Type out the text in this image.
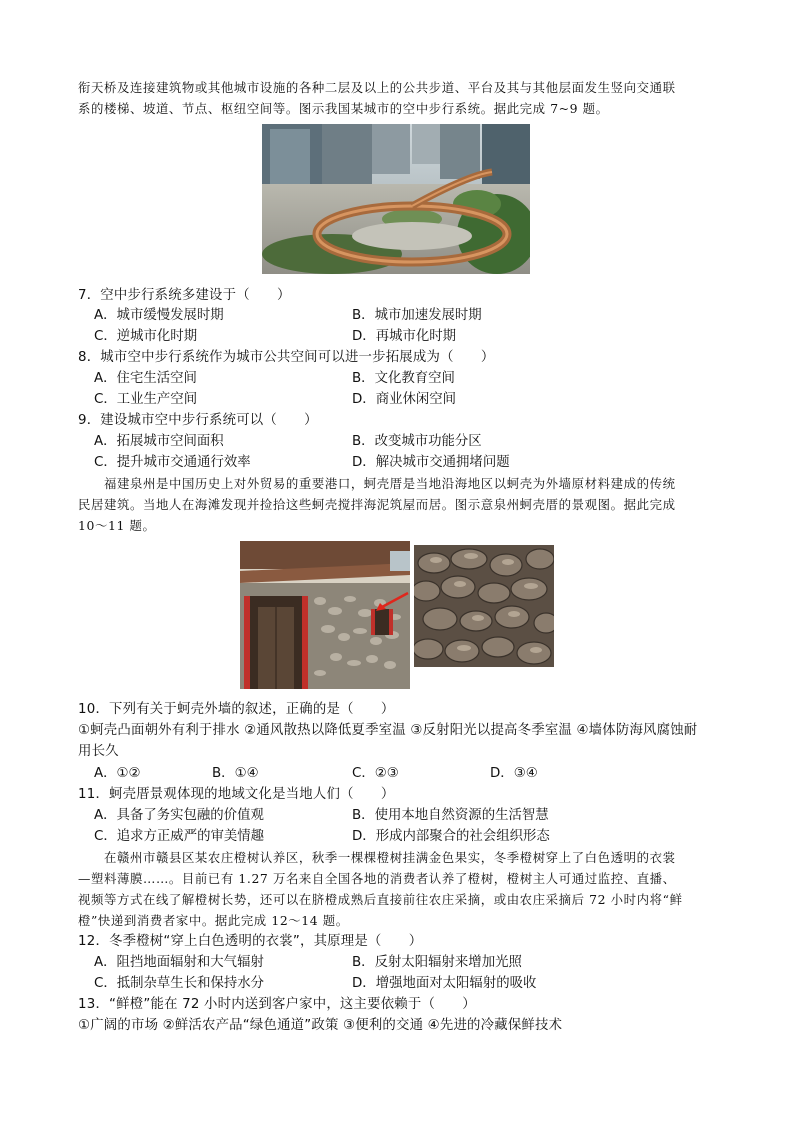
衔天桥及连接建筑物或其他城市设施的各种二层及以上的公共步道、平台及其与其他层面发生竖向交通联
系的楼梯、坡道、节点、枢纽空间等。图示我国某城市的空中步行系统。据此完成 7~9 题。
7．空中步行系统多建设于（　　）
A．城市缓慢发展时期	B．城市加速发展时期
C．逆城市化时期	D．再城市化时期
8．城市空中步行系统作为城市公共空间可以进一步拓展成为（　　）
A．住宅生活空间	B．文化教育空间
C．工业生产空间	D．商业休闲空间
9．建设城市空中步行系统可以（　　）
A．拓展城市空间面积	B．改变城市功能分区
C．提升城市交通通行效率	D．解决城市交通拥堵问题
福建泉州是中国历史上对外贸易的重要港口，蚵壳厝是当地沿海地区以蚵壳为外墙原材料建成的传统
民居建筑。当地人在海滩发现并捡拾这些蚵壳搅拌海泥筑屋而居。图示意泉州蚵壳厝的景观图。据此完成
10～11 题。
10．下列有关于蚵壳外墙的叙述，正确的是（　　）
①蚵壳凸面朝外有利于排水 ②通风散热以降低夏季室温 ③反射阳光以提高冬季室温 ④墙体防海风腐蚀耐
用长久
A．①②	B．①④	C．②③	D．③④
11．蚵壳厝景观体现的地域文化是当地人们（　　）
A．具备了务实包融的价值观	B．使用本地自然资源的生活智慧
C．追求方正威严的审美情趣	D．形成内部聚合的社会组织形态
在赣州市赣县区某农庄橙树认养区，秋季一棵棵橙树挂满金色果实，冬季橙树穿上了白色透明的衣裳
—塑料薄膜……。目前已有 1.27 万名来自全国各地的消费者认养了橙树，橙树主人可通过监控、直播、
视频等方式在线了解橙树长势，还可以在脐橙成熟后直接前往农庄采摘，或由农庄采摘后 72 小时内将“鲜
橙”快递到消费者家中。据此完成 12～14 题。
12．冬季橙树“穿上白色透明的衣裳”，其原理是（　　）
A．阻挡地面辐射和大气辐射	B．反射太阳辐射来增加光照
C．抵制杂草生长和保持水分	D．增强地面对太阳辐射的吸收
13．“鲜橙”能在 72 小时内送到客户家中，这主要依赖于（　　）
①广阔的市场 ②鲜活农产品“绿色通道”政策 ③便利的交通 ④先进的冷藏保鲜技术
